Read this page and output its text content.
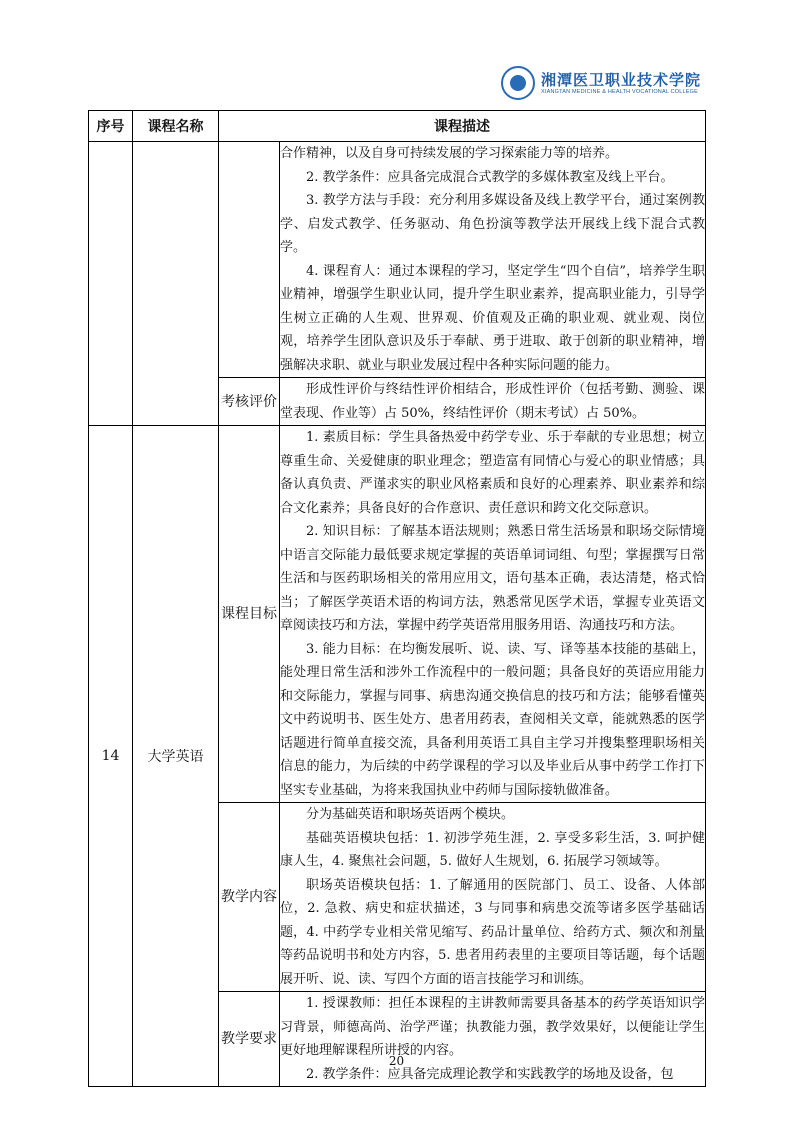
湘潭医卫职业技术学院
XIANGTAN MEDICINE & HEALTH VOCATIONAL COLLEGE
序号	课程名称	课程描述	

			合作精神，以及自身可持续发展的学习探索能力等的培养。

2. 教学条件：应具备完成混合式教学的多媒体教室及线上平台。

3. 教学方法与手段：充分利用多媒设备及线上教学平台，通过案例教学、启发式教学、任务驱动、角色扮演等教学法开展线上线下混合式教学。

4. 课程育人：通过本课程的学习，坚定学生“四个自信”，培养学生职业精神，增强学生职业认同，提升学生职业素养，提高职业能力，引导学生树立正确的人生观、世界观、价值观及正确的职业观、就业观、岗位观，培养学生团队意识及乐于奉献、勇于进取、敢于创新的职业精神，增强解决求职、就业与职业发展过程中各种实际问题的能力。

		考核评价	形成性评价与终结性评价相结合，形成性评价（包括考勤、测验、课堂表现、作业等）占 50%，终结性评价（期末考试）占 50%。

14	大学英语	课程目标	1. 素质目标：学生具备热爱中药学专业、乐于奉献的专业思想；树立尊重生命、关爱健康的职业理念；塑造富有同情心与爱心的职业情感；具备认真负责、严谨求实的职业风格素质和良好的心理素养、职业素养和综合文化素养；具备良好的合作意识、责任意识和跨文化交际意识。

2. 知识目标：了解基本语法规则；熟悉日常生活场景和职场交际情境中语言交际能力最低要求规定掌握的英语单词词组、句型；掌握撰写日常生活和与医药职场相关的常用应用文，语句基本正确，表达清楚，格式恰当；了解医学英语术语的构词方法，熟悉常见医学术语，掌握专业英语文章阅读技巧和方法，掌握中药学英语常用服务用语、沟通技巧和方法。

3. 能力目标：在均衡发展听、说、读、写、译等基本技能的基础上，能处理日常生活和涉外工作流程中的一般问题；具备良好的英语应用能力和交际能力，掌握与同事、病患沟通交换信息的技巧和方法；能够看懂英文中药说明书、医生处方、患者用药表，查阅相关文章，能就熟悉的医学话题进行简单直接交流，具备利用英语工具自主学习并搜集整理职场相关信息的能力，为后续的中药学课程的学习以及毕业后从事中药学工作打下坚实专业基础，为将来我国执业中药师与国际接轨做准备。

		教学内容	分为基础英语和职场英语两个模块。

基础英语模块包括：1. 初涉学苑生涯，2. 享受多彩生活，3. 呵护健康人生，4. 聚焦社会问题，5. 做好人生规划，6. 拓展学习领域等。

职场英语模块包括：1. 了解通用的医院部门、员工、设备、人体部位，2. 急救、病史和症状描述，3 与同事和病患交流等诸多医学基础话题，4. 中药学专业相关常见缩写、药品计量单位、给药方式、频次和剂量等药品说明书和处方内容，5. 患者用药表里的主要项目等话题，每个话题展开听、说、读、写四个方面的语言技能学习和训练。

		教学要求	1. 授课教师：担任本课程的主讲教师需要具备基本的药学英语知识学习背景，师德高尚、治学严谨；执教能力强，教学效果好，以便能让学生更好地理解课程所讲授的内容。

2. 教学条件：应具备完成理论教学和实践教学的场地及设备，包

20
